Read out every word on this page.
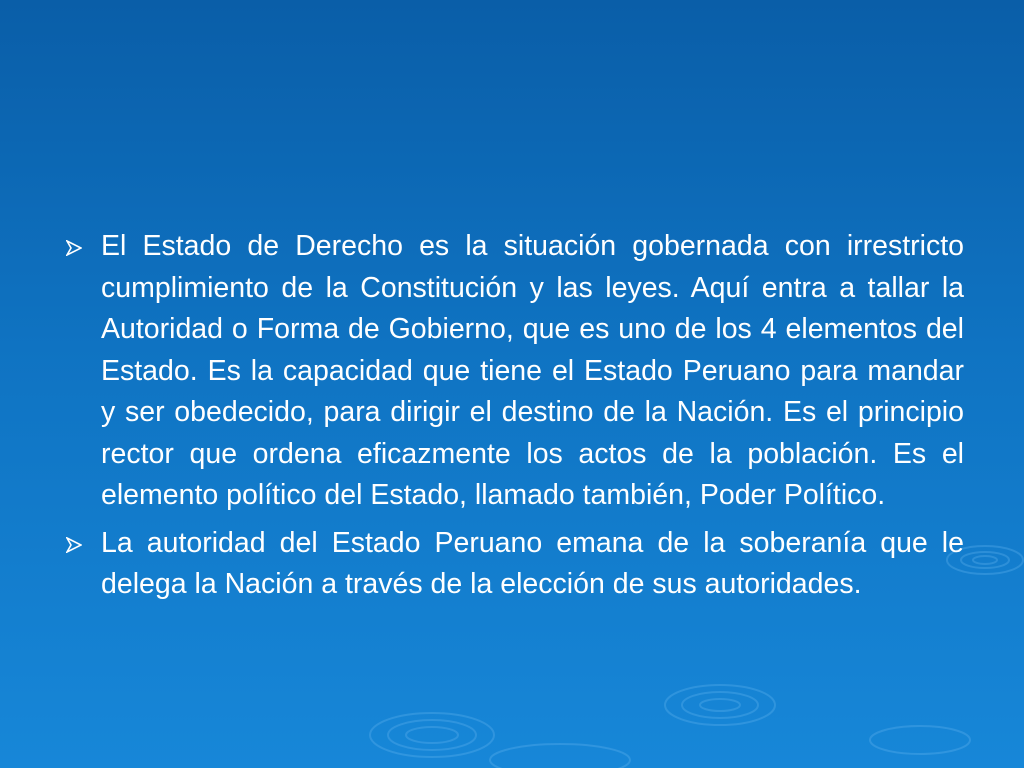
El Estado de Derecho es la situación gobernada con irrestricto cumplimiento de la Constitución y las leyes. Aquí entra a tallar la Autoridad o Forma de Gobierno, que es uno de los 4 elementos del Estado. Es la capacidad que tiene el Estado Peruano para mandar y ser obedecido, para dirigir el destino de la Nación. Es el principio rector que ordena eficazmente los actos de la población. Es el elemento político del Estado, llamado también, Poder Político.
La autoridad del Estado Peruano emana de la soberanía que le delega la Nación a través de la elección de sus autoridades.
